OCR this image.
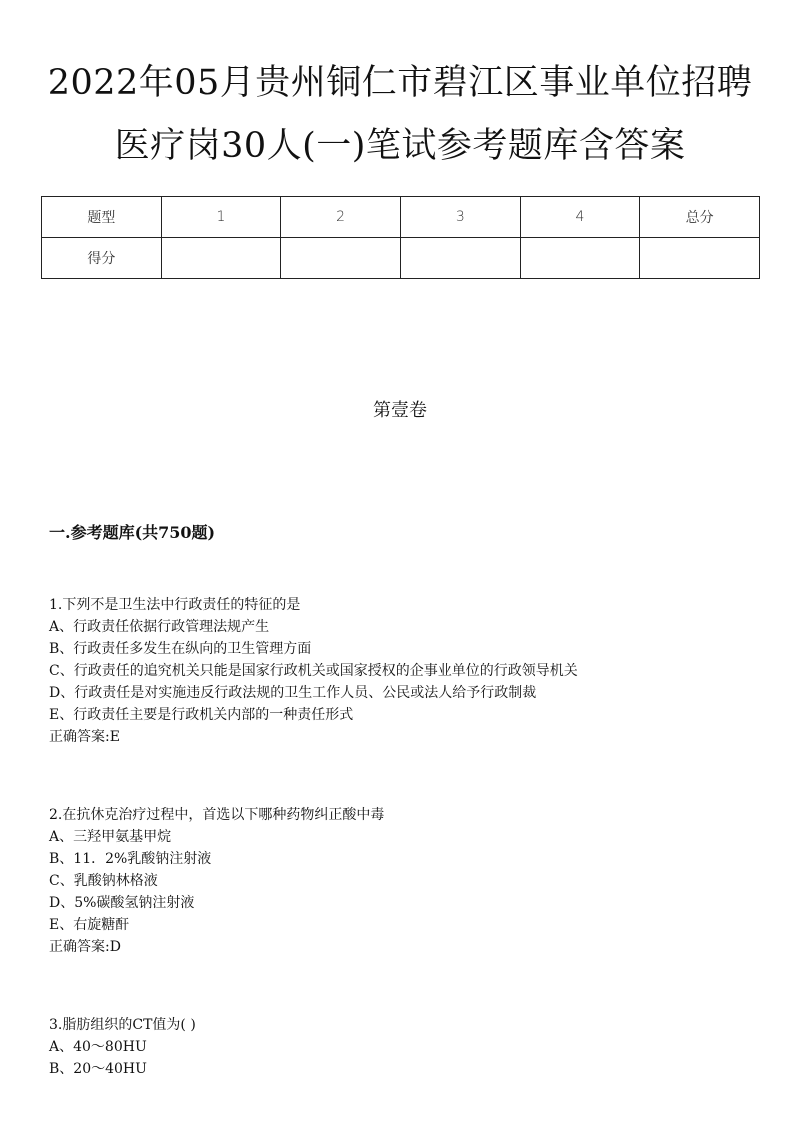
2022年05月贵州铜仁市碧江区事业单位招聘
医疗岗30人(一)笔试参考题库含答案
题型	1	2	3	4	总分
得分					
第壹卷
一.参考题库(共750题)
1.下列不是卫生法中行政责任的特征的是
A、行政责任依据行政管理法规产生
B、行政责任多发生在纵向的卫生管理方面
C、行政责任的追究机关只能是国家行政机关或国家授权的企事业单位的行政领导机关
D、行政责任是对实施违反行政法规的卫生工作人员、公民或法人给予行政制裁
E、行政责任主要是行政机关内部的一种责任形式
正确答案:E
2.在抗休克治疗过程中，首选以下哪种药物纠正酸中毒
A、三羟甲氨基甲烷
B、11．2%乳酸钠注射液
C、乳酸钠林格液
D、5%碳酸氢钠注射液
E、右旋糖酐
正确答案:D
3.脂肪组织的CT值为( )
A、40～80HU
B、20～40HU
